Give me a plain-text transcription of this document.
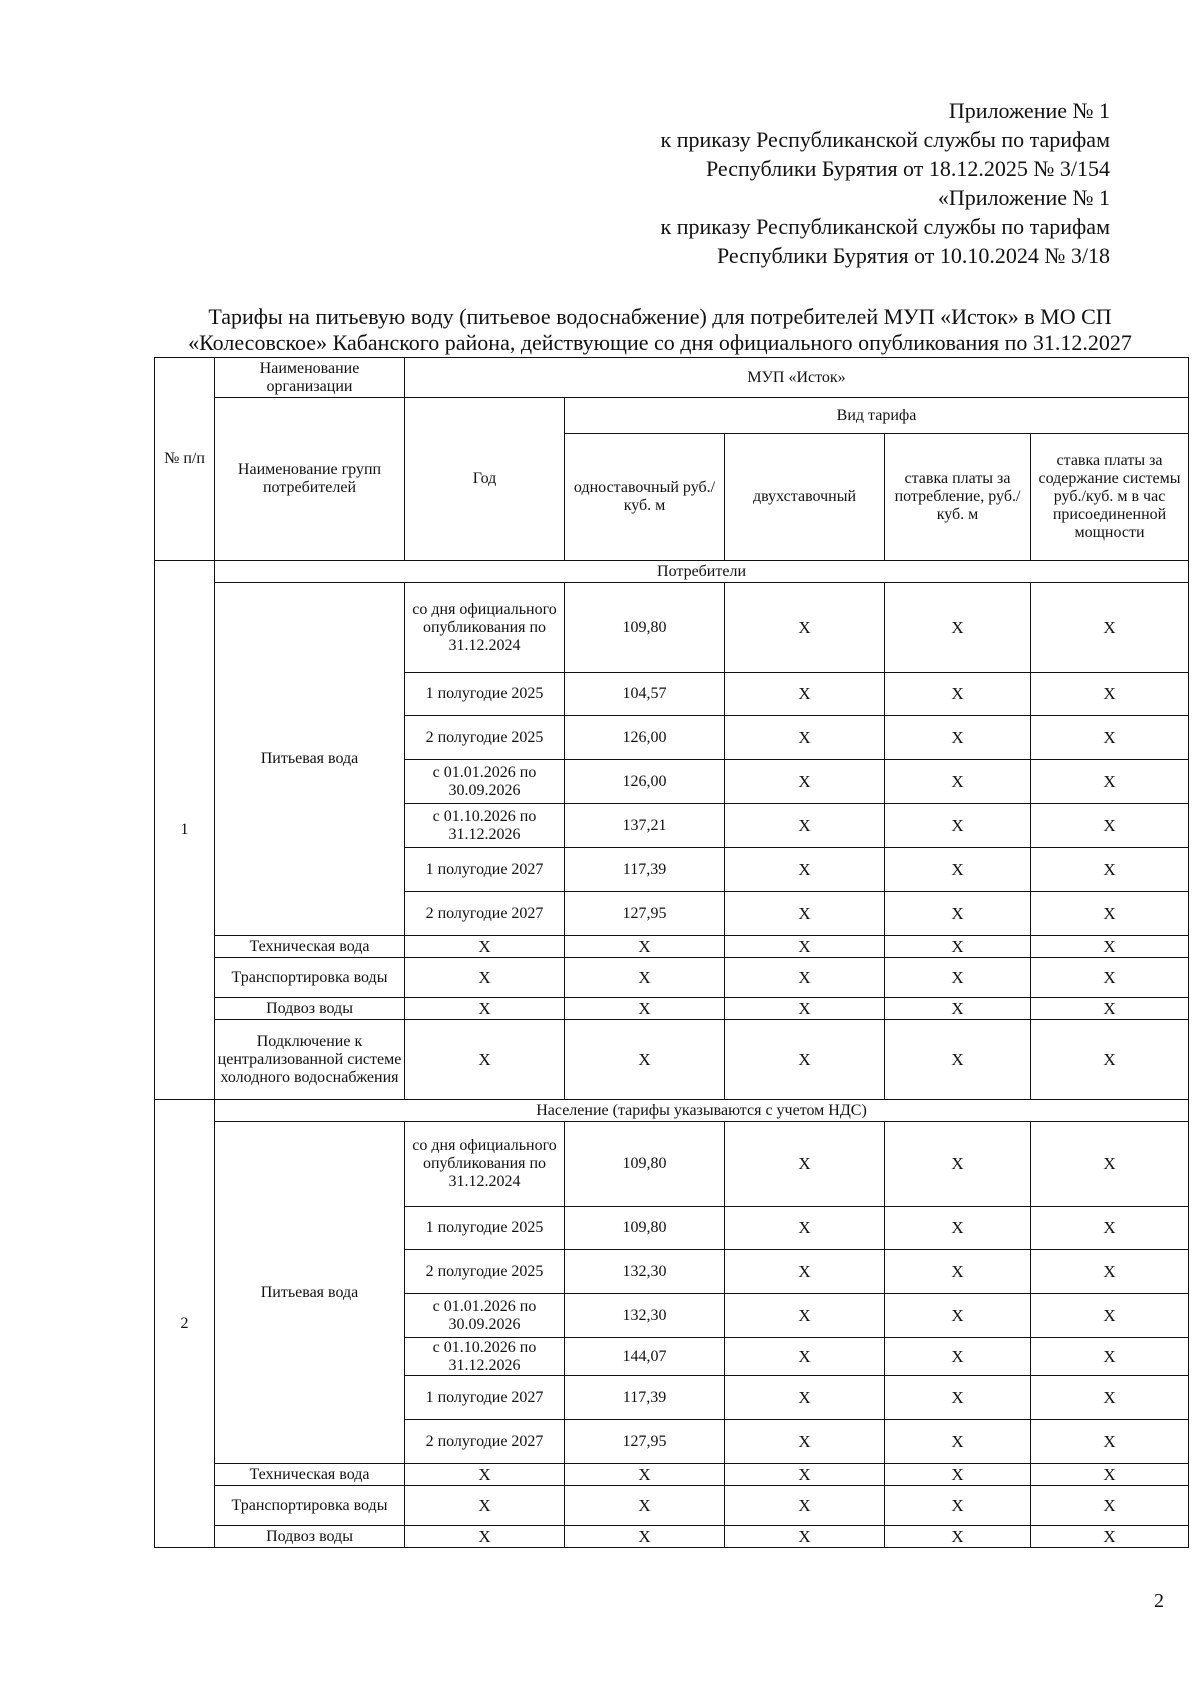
Приложение № 1
к приказу Республиканской службы по тарифам
Республики Бурятия от 18.12.2025 № 3/154
«Приложение № 1
к приказу Республиканской службы по тарифам
Республики Бурятия от 10.10.2024 № 3/18
Тарифы на питьевую воду (питьевое водоснабжение) для потребителей МУП «Исток» в МО СП
«Колесовское» Кабанского района, действующие со дня официального опубликования по 31.12.2027
№ п/п	Наименование организации	МУП «Исток»				
	Наименование групп потребителей	Год	Вид тарифа			
			одноставочный руб./ куб. м	двухставочный	ставка платы за потребление, руб./ куб. м	ставка платы за содержание системы руб./куб. м в час присоединенной мощности
1	Потребители					
	Питьевая вода	со дня официального опубликования по 31.12.2024	109,80	Х	Х	Х
		1 полугодие 2025	104,57	Х	Х	Х
		2 полугодие 2025	126,00	Х	Х	Х
		с 01.01.2026 по 30.09.2026	126,00	Х	Х	Х
		с 01.10.2026 по 31.12.2026	137,21	Х	Х	Х
		1 полугодие 2027	117,39	Х	Х	Х
		2 полугодие 2027	127,95	Х	Х	Х
	Техническая вода	Х	Х	Х	Х	Х
	Транспортировка воды	Х	Х	Х	Х	Х
	Подвоз воды	Х	Х	Х	Х	Х
	Подключение к централизованной системе холодного водоснабжения	Х	Х	Х	Х	Х
2	Население (тарифы указываются с учетом НДС)					
	Питьевая вода	со дня официального опубликования по 31.12.2024	109,80	Х	Х	Х
		1 полугодие 2025	109,80	Х	Х	Х
		2 полугодие 2025	132,30	Х	Х	Х
		с 01.01.2026 по 30.09.2026	132,30	Х	Х	Х
		с 01.10.2026 по 31.12.2026	144,07	Х	Х	Х
		1 полугодие 2027	117,39	Х	Х	Х
		2 полугодие 2027	127,95	Х	Х	Х
	Техническая вода	Х	Х	Х	Х	Х
	Транспортировка воды	Х	Х	Х	Х	Х
	Подвоз воды	Х	Х	Х	Х	Х
2
